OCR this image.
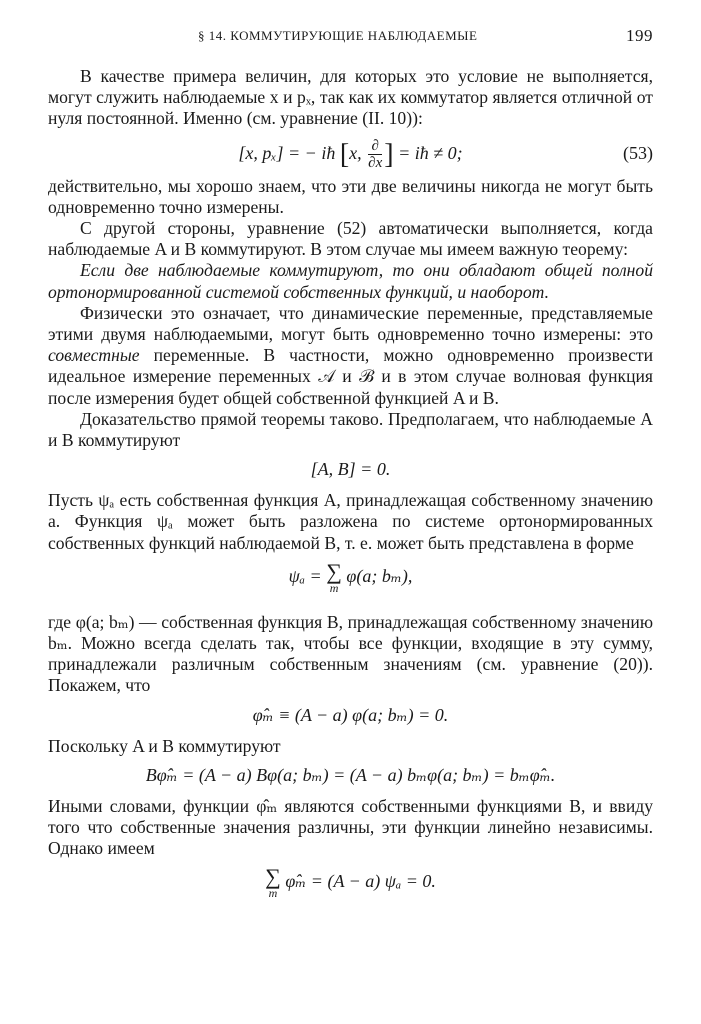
§ 14. КОММУТИРУЮЩИЕ НАБЛЮДАЕМЫЕ	199

В качестве примера величин, для которых это условие не выполняется, могут служить наблюдаемые x и pₓ, так как их коммутатор является отличной от нуля постоянной. Именно (см. уравнение (II. 10)):

[x, pₓ] = − iħ [x, $\frac{\partial}{\partial x}$ ] = iħ ≠ 0;	(53)

действительно, мы хорошо знаем, что эти две величины никогда не могут быть одновременно точно измерены.

С другой стороны, уравнение (52) автоматически выполняется, когда наблюдаемые A и B коммутируют. В этом случае мы имеем важную теорему:

Если две наблюдаемые коммутируют, то они обладают общей полной ортонормированной системой собственных функций, и наоборот.

Физически это означает, что динамические переменные, представляемые этими двумя наблюдаемыми, могут быть одновременно точно измерены: это совместные переменные. В частности, можно одновременно произвести идеальное измерение переменных 𝒜 и ℬ и в этом случае волновая функция после измерения будет общей собственной функцией A и B.

Доказательство прямой теоремы таково. Предполагаем, что наблюдаемые A и B коммутируют

[A, B] = 0.

Пусть ψₐ есть собственная функция A, принадлежащая собственному значению a. Функция ψₐ может быть разложена по системе ортонормированных собственных функций наблюдаемой B, т. е. может быть представлена в форме

ψₐ = ∑
m
φ(a; bₘ),

где φ(a; bₘ) — собственная функция B, принадлежащая собственному значению bₘ. Можно всегда сделать так, чтобы все функции, входящие в эту сумму, принадлежали различным собственным значениям (см. уравнение (20)). Покажем, что

φ̂ₘ ≡ (A − a) φ(a; bₘ) = 0.

Поскольку A и B коммутируют

Bφ̂ₘ = (A − a) Bφ(a; bₘ) = (A − a) bₘφ(a; bₘ) = bₘφ̂ₘ.

Иными словами, функции φ̂ₘ являются собственными функциями B, и ввиду того что собственные значения различны, эти функции линейно независимы. Однако имеем

∑
m
φ̂ₘ = (A − a) ψₐ = 0.
